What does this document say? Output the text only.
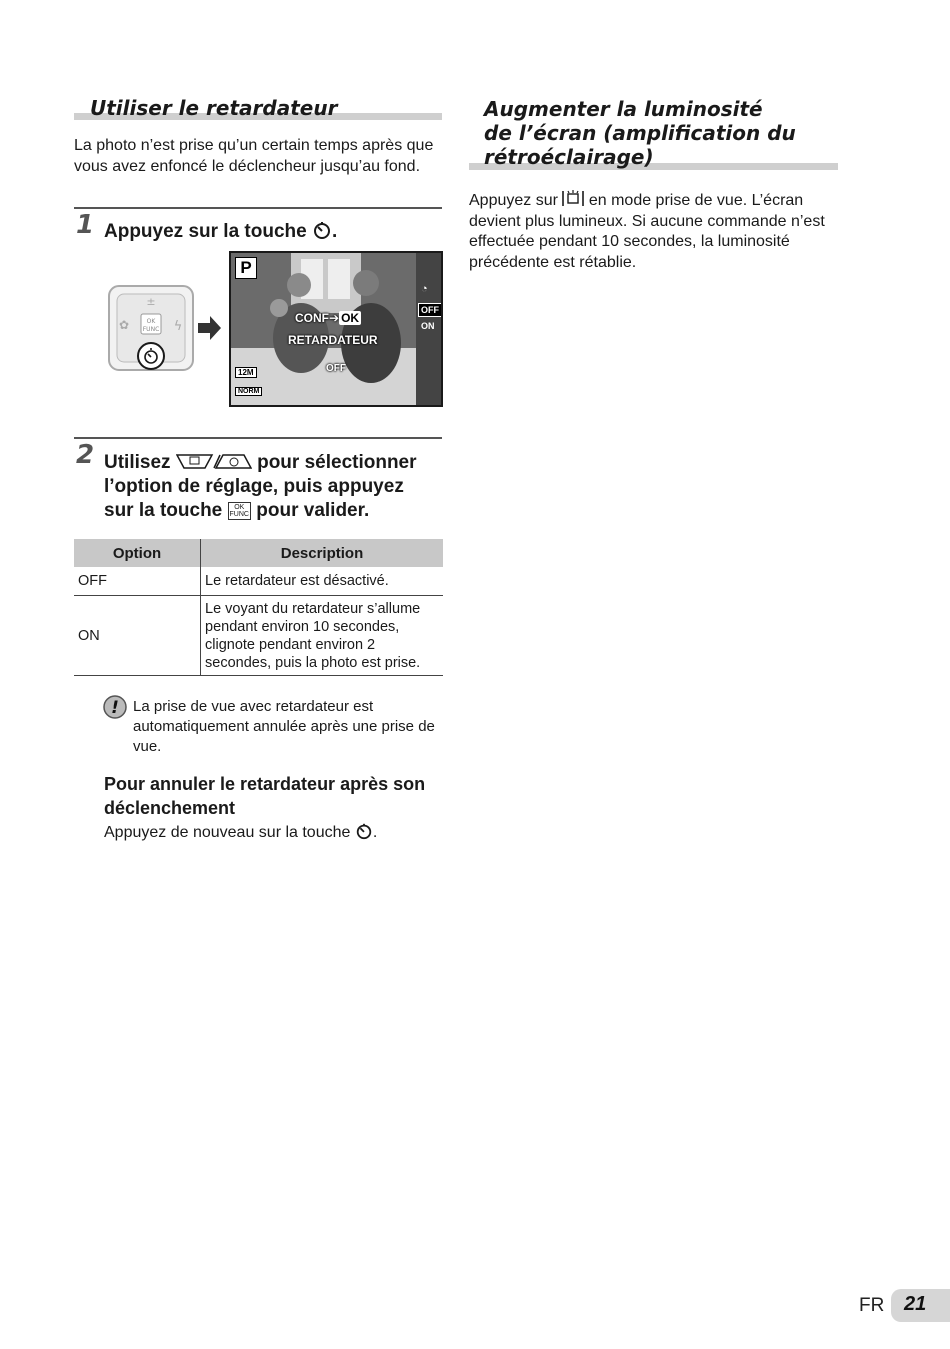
Utiliser le retardateur
La photo n’est prise qu’un certain temps après que vous avez enfoncé le déclencheur jusqu’au fond.
1 Appuyez sur la touche .
OK
FUNC
±
✿	ϟ
P
CONF➔ OK
RETARDATEUR
OFF
◔
OFF
ON
12M
NORM
2 Utilisez	pour sélectionner
l’option de réglage, puis appuyez
sur la touche OK
FUNC pour valider.
Option	Description
OFF	Le retardateur est désactivé.
ON	Le voyant du retardateur s’allume pendant environ 10 secondes, clignote pendant environ 2 secondes, puis la photo est prise.
! La prise de vue avec retardateur est automatiquement annulée après une prise de vue.
Pour annuler le retardateur après son déclenchement
Appuyez de nouveau sur la touche .
Augmenter la luminosité
de l’écran (amplification du
rétroéclairage)
Appuyez sur en mode prise de vue. L’écran devient plus lumineux. Si aucune commande n’est effectuée pendant 10 secondes, la luminosité précédente est rétablie.
FR 21
